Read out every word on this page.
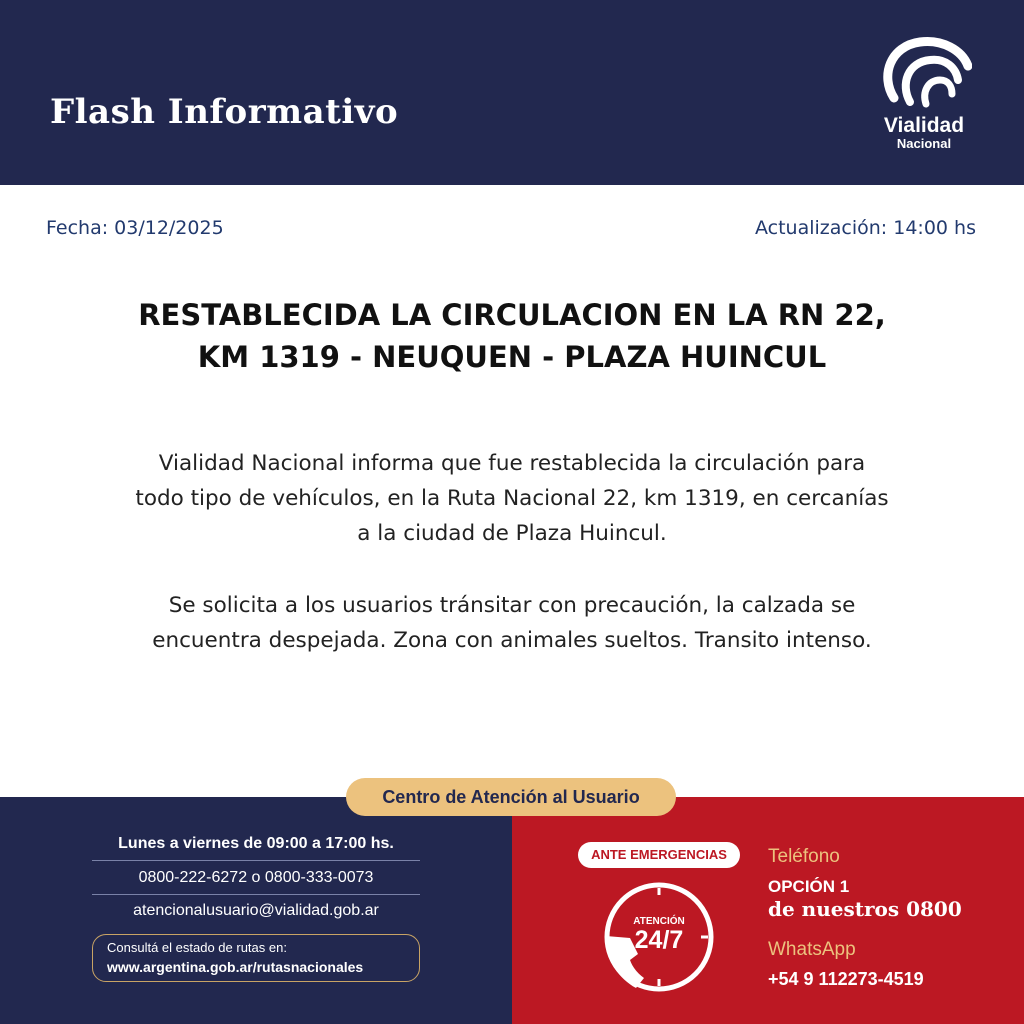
Flash Informativo	Vialidad
Nacional
Fecha: 03/12/2025	Actualización: 14:00 hs
RESTABLECIDA LA CIRCULACION EN LA RN 22,
KM 1319 - NEUQUEN - PLAZA HUINCUL
Vialidad Nacional informa que fue restablecida la circulación para
todo tipo de vehículos, en la Ruta Nacional 22, km 1319, en cercanías
a la ciudad de Plaza Huincul.
Se solicita a los usuarios tránsitar con precaución, la calzada se
encuentra despejada. Zona con animales sueltos. Transito intenso.
Centro de Atención al Usuario
Lunes a viernes de 09:00 a 17:00 hs.
0800-222-6272 o 0800-333-0073
atencionalusuario@vialidad.gob.ar
Consultá el estado de rutas en:
www.argentina.gob.ar/rutasnacionales
ANTE EMERGENCIAS
ATENCIÓN
24/7
Teléfono
OPCIÓN 1
de nuestros 0800
WhatsApp
+54 9 112273-4519
